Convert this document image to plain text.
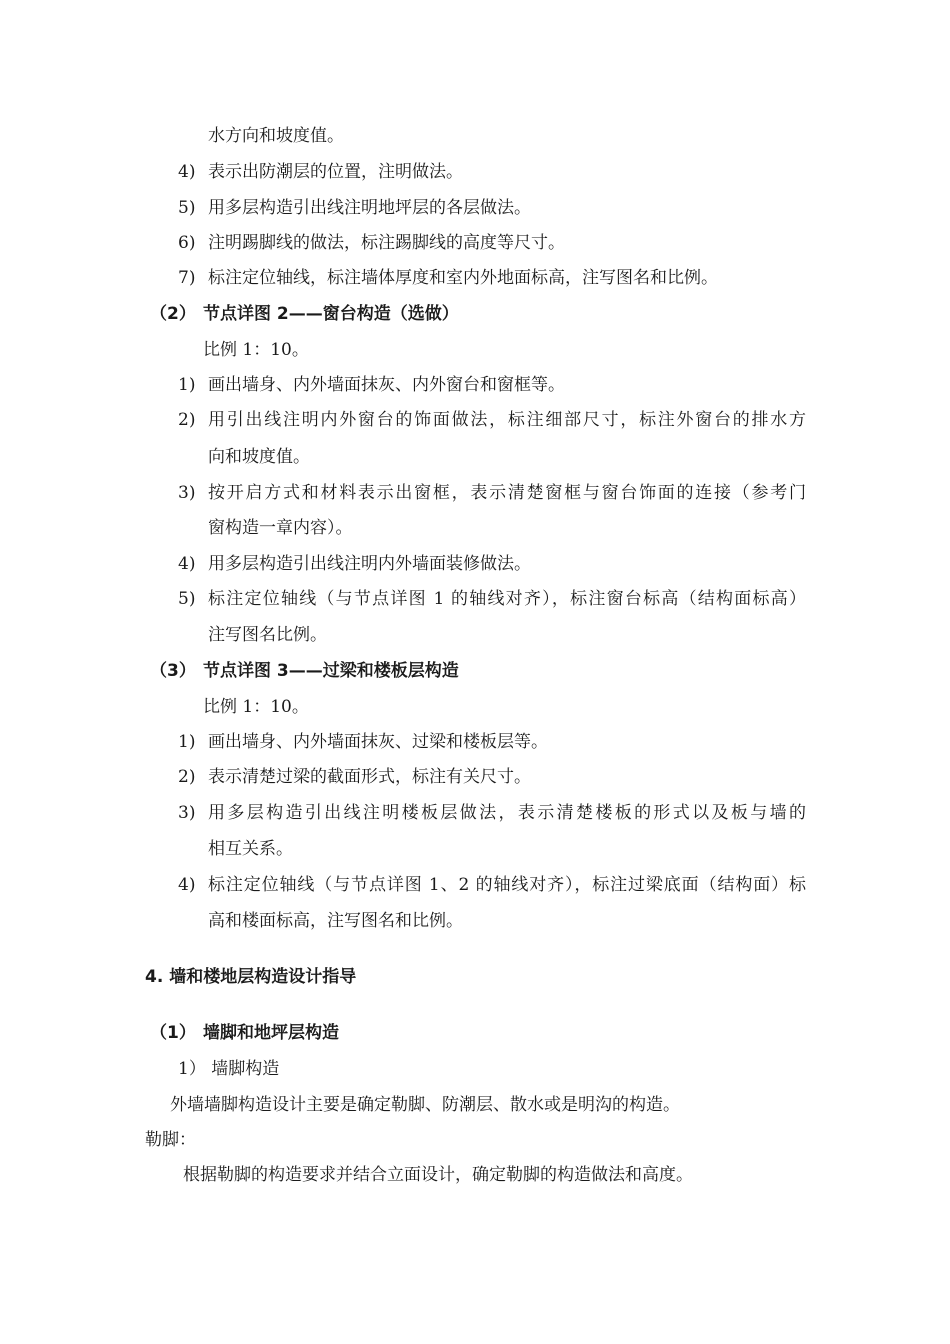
水方向和坡度值。
4) 表示出防潮层的位置，注明做法。
5) 用多层构造引出线注明地坪层的各层做法。
6) 注明踢脚线的做法，标注踢脚线的高度等尺寸。
7) 标注定位轴线，标注墙体厚度和室内外地面标高，注写图名和比例。
（2） 节点详图 2——窗台构造（选做）
比例 1：10。
1) 画出墙身、内外墙面抹灰、内外窗台和窗框等。
2) 用引出线注明内外窗台的饰面做法，标注细部尺寸，标注外窗台的排水方
向和坡度值。
3) 按开启方式和材料表示出窗框，表示清楚窗框与窗台饰面的连接（参考门
窗构造一章内容）。
4) 用多层构造引出线注明内外墙面装修做法。
5) 标注定位轴线（与节点详图 1 的轴线对齐），标注窗台标高（结构面标高）
注写图名比例。
（3） 节点详图 3——过梁和楼板层构造
比例 1：10。
1) 画出墙身、内外墙面抹灰、过梁和楼板层等。
2) 表示清楚过梁的截面形式，标注有关尺寸。
3) 用多层构造引出线注明楼板层做法，表示清楚楼板的形式以及板与墙的
相互关系。
4) 标注定位轴线（与节点详图 1、2 的轴线对齐），标注过梁底面（结构面）标
高和楼面标高，注写图名和比例。
4. 墙和楼地层构造设计指导
（1） 墙脚和地坪层构造
1） 墙脚构造
外墙墙脚构造设计主要是确定勒脚、防潮层、散水或是明沟的构造。
勒脚：
根据勒脚的构造要求并结合立面设计，确定勒脚的构造做法和高度。
